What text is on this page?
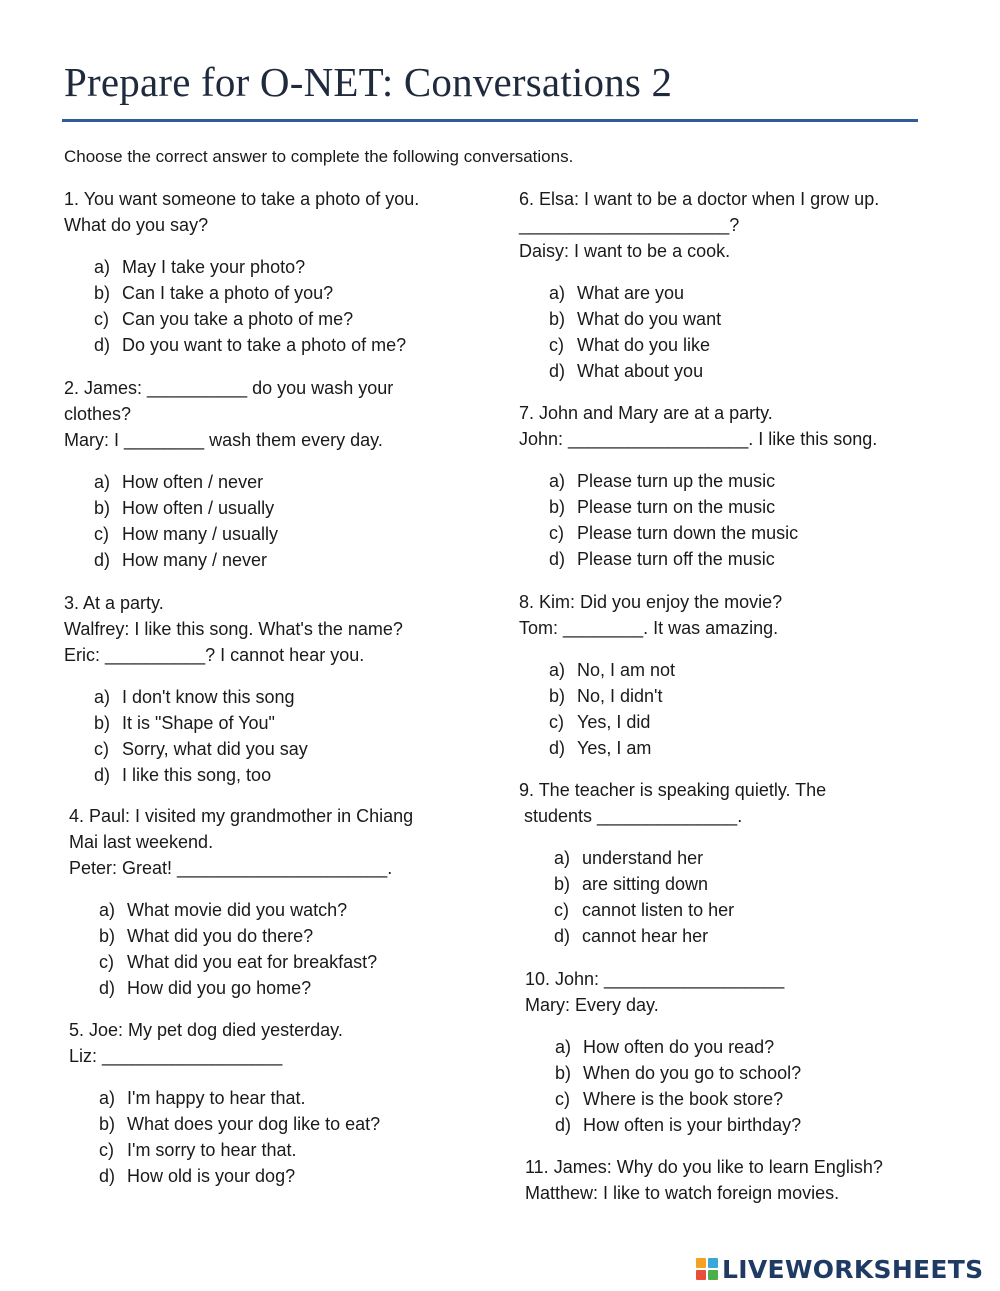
Prepare for O-NET: Conversations 2
Choose the correct answer to complete the following conversations.
1. You want someone to take a photo of you.
What do you say?
a) May I take your photo?
b) Can I take a photo of you?
c) Can you take a photo of me?
d) Do you want to take a photo of me?
2. James: __________ do you wash your
clothes?
Mary: I ________ wash them every day.
a) How often / never
b) How often / usually
c) How many / usually
d) How many / never
3. At a party.
Walfrey: I like this song. What's the name?
Eric: __________? I cannot hear you.
a) I don't know this song
b) It is "Shape of You"
c) Sorry, what did you say
d) I like this song, too
4. Paul: I visited my grandmother in Chiang
Mai last weekend.
Peter: Great! _____________________.
a) What movie did you watch?
b) What did you do there?
c) What did you eat for breakfast?
d) How did you go home?
5. Joe: My pet dog died yesterday.
Liz: __________________
a) I'm happy to hear that.
b) What does your dog like to eat?
c) I'm sorry to hear that.
d) How old is your dog?
6. Elsa: I want to be a doctor when I grow up.
_____________________?
Daisy: I want to be a cook.
a) What are you
b) What do you want
c) What do you like
d) What about you
7. John and Mary are at a party.
John: __________________. I like this song.
a) Please turn up the music
b) Please turn on the music
c) Please turn down the music
d) Please turn off the music
8. Kim: Did you enjoy the movie?
Tom: ________. It was amazing.
a) No, I am not
b) No, I didn't
c) Yes, I did
d) Yes, I am
9. The teacher is speaking quietly. The
students ______________.
a) understand her
b) are sitting down
c) cannot listen to her
d) cannot hear her
10. John: __________________
Mary: Every day.
a) How often do you read?
b) When do you go to school?
c) Where is the book store?
d) How often is your birthday?
11. James: Why do you like to learn English?
Matthew: I like to watch foreign movies.
LIVEWORKSHEETS
